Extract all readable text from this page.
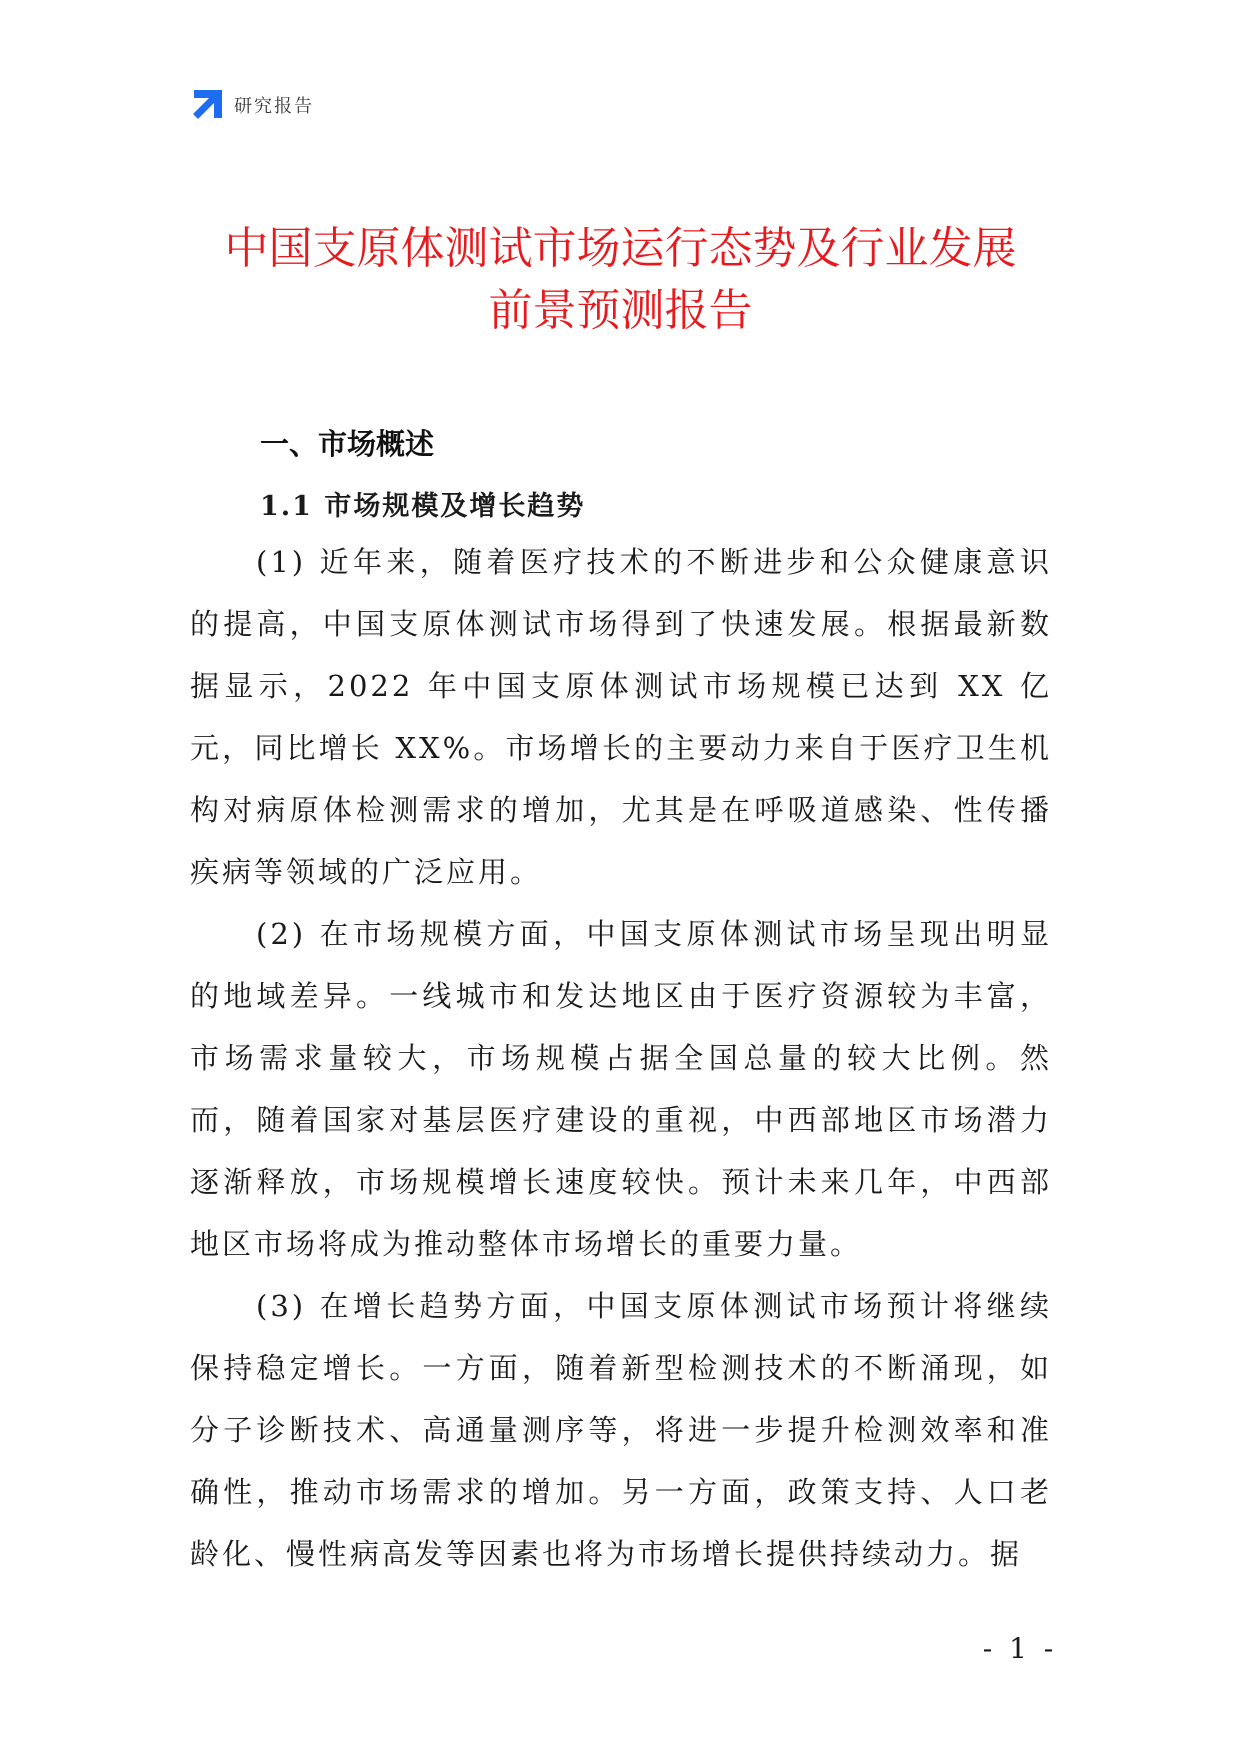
研究报告
中国支原体测试市场运行态势及行业发展
前景预测报告
一、市场概述
1.1 市场规模及增长趋势

(1) 近年来，随着医疗技术的不断进步和公众健康意识的提高，中国支原体测试市场得到了快速发展。根据最新数据显示，2022 年中国支原体测试市场规模已达到 XX 亿元，同比增长 XX%。市场增长的主要动力来自于医疗卫生机构对病原体检测需求的增加，尤其是在呼吸道感染、性传播疾病等领域的广泛应用。

(2) 在市场规模方面，中国支原体测试市场呈现出明显的地域差异。一线城市和发达地区由于医疗资源较为丰富，市场需求量较大，市场规模占据全国总量的较大比例。然而，随着国家对基层医疗建设的重视，中西部地区市场潜力逐渐释放，市场规模增长速度较快。预计未来几年，中西部地区市场将成为推动整体市场增长的重要力量。

(3) 在增长趋势方面，中国支原体测试市场预计将继续保持稳定增长。一方面，随着新型检测技术的不断涌现，如分子诊断技术、高通量测序等，将进一步提升检测效率和准确性，推动市场需求的增加。另一方面，政策支持、人口老龄化、慢性病高发等因素也将为市场增长提供持续动力。据

- 1 -
